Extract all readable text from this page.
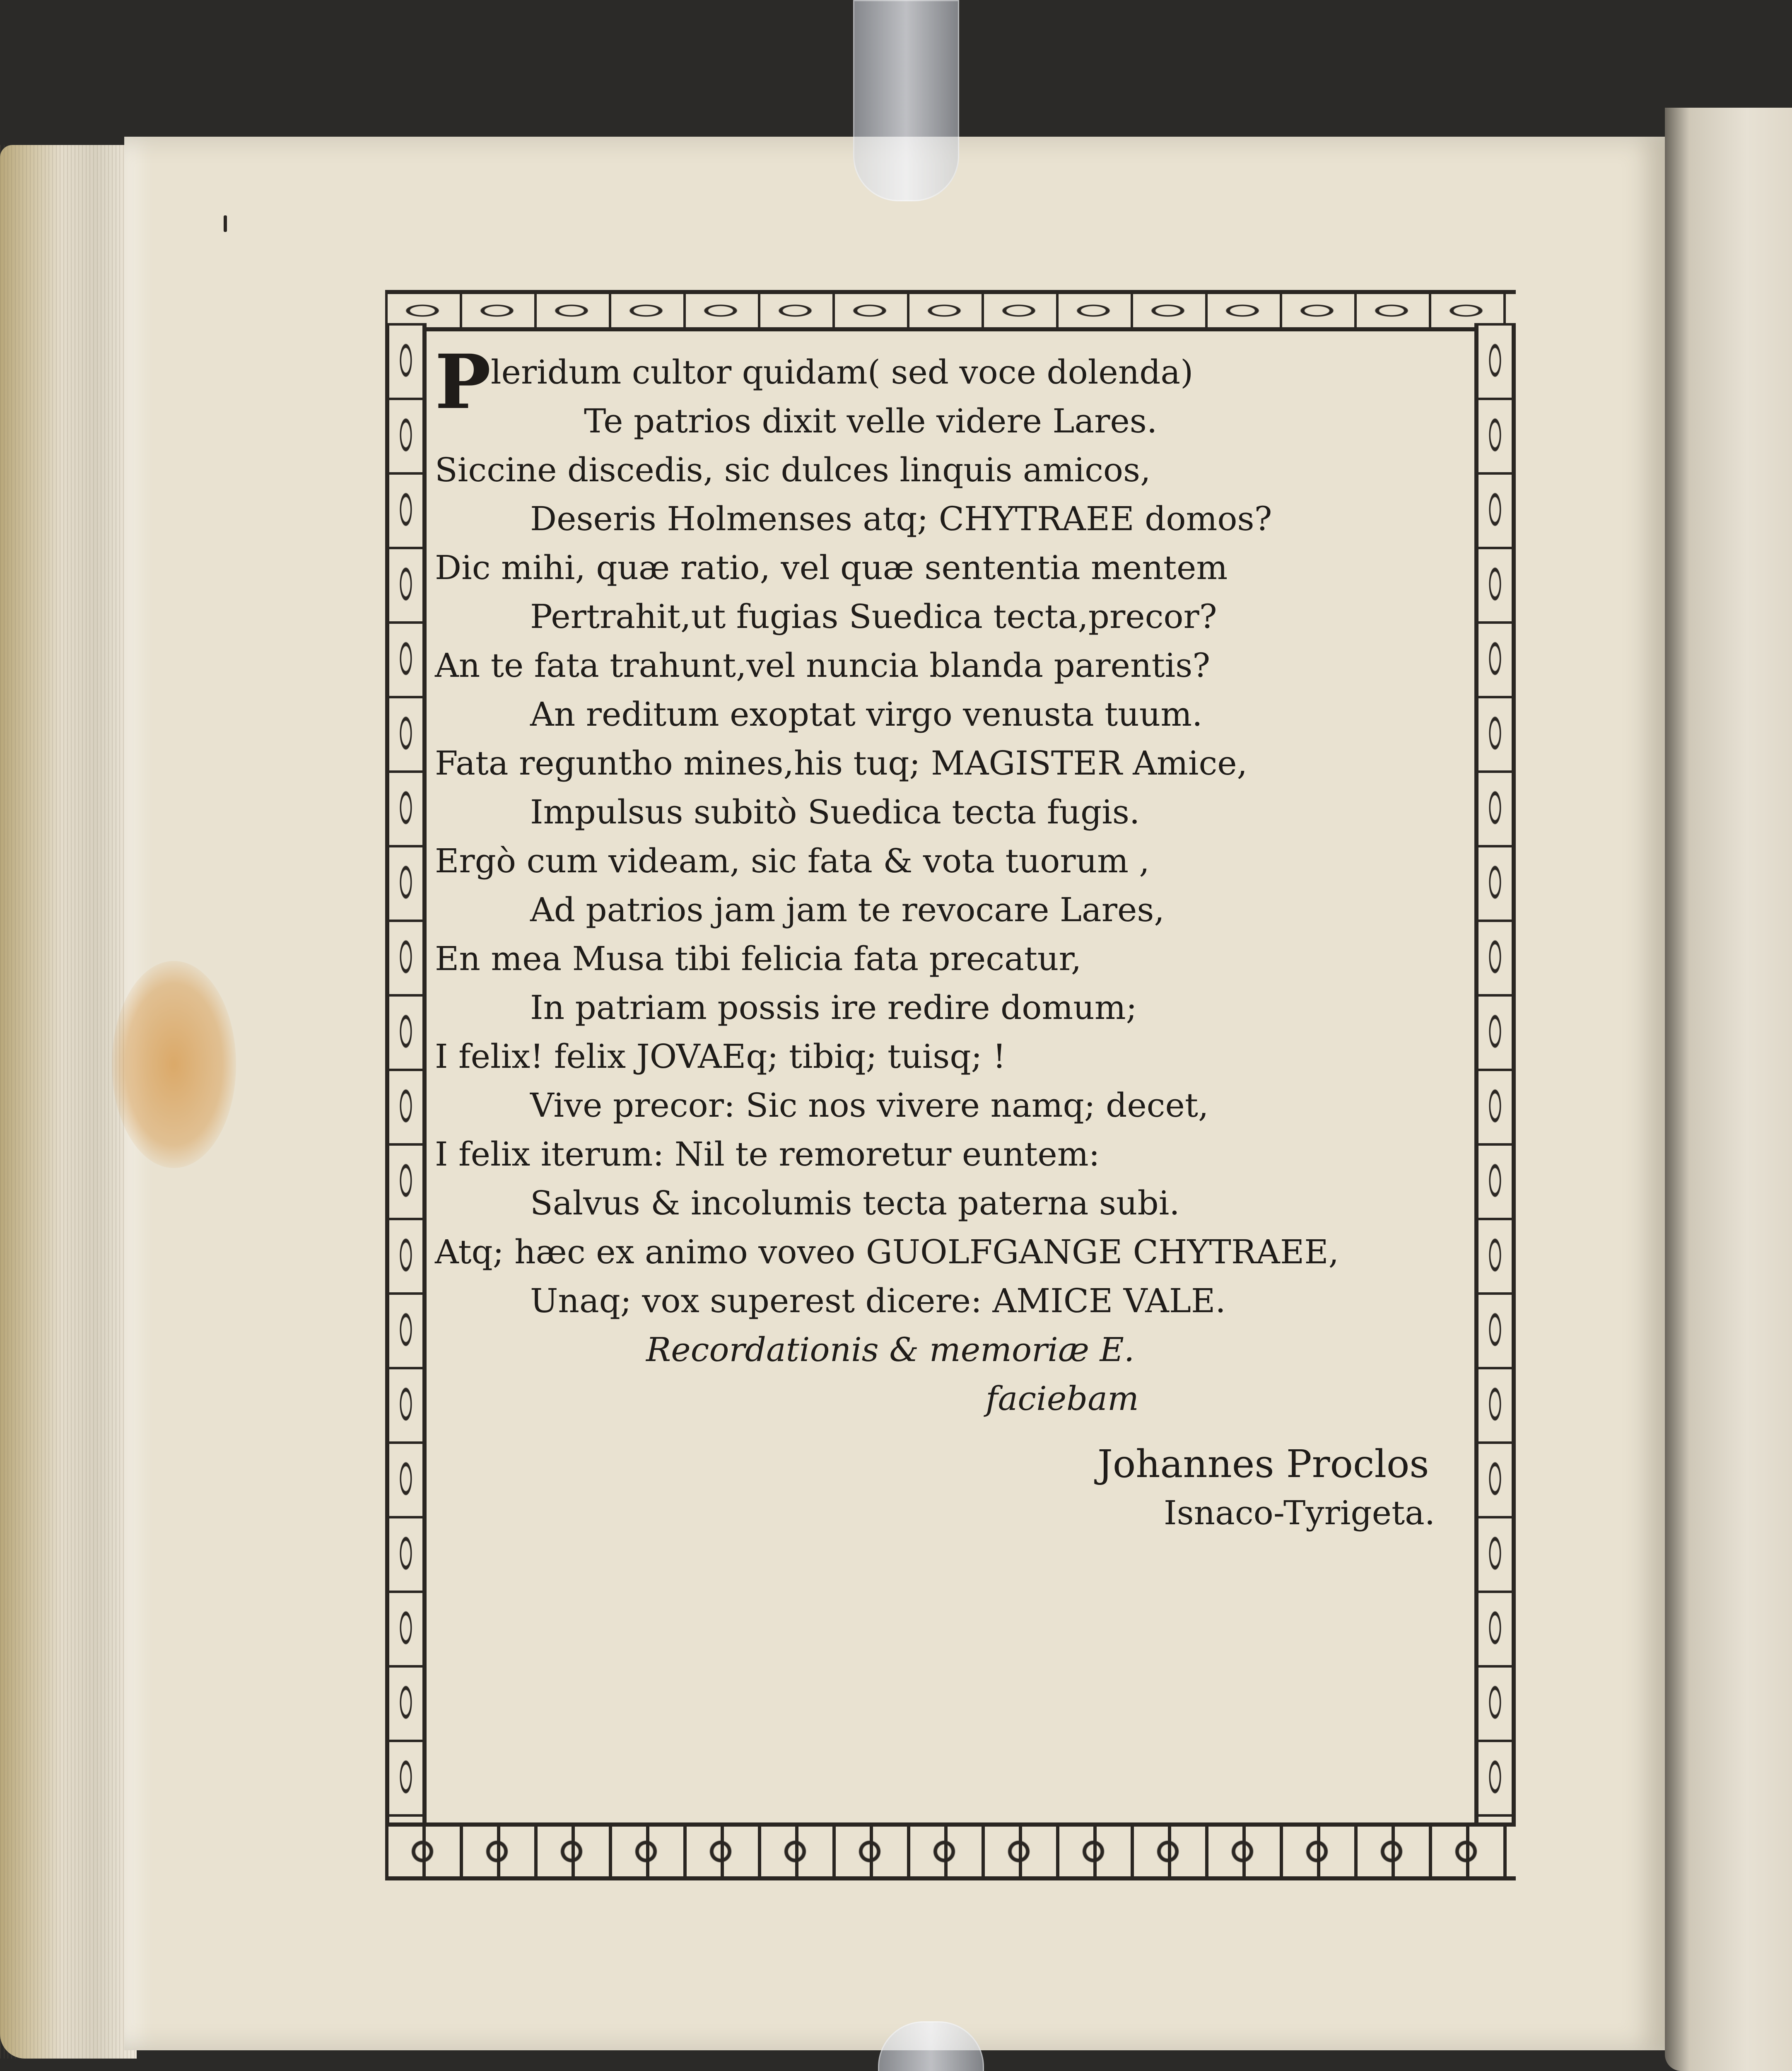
P leridum cultor quidam( sed voce dolenda)
Te patrios dixit velle videre Lares.
Siccine discedis, sic dulces linquis amicos,
Deseris Holmenses atq; CHYTRAEE domos?
Dic mihi, quæ ratio, vel quæ sententia mentem
Pertrahit,ut fugias Suedica tecta,precor?
An te fata trahunt,vel nuncia blanda parentis?
An reditum exoptat virgo venusta tuum.
Fata reguntho mines,his tuq; MAGISTER Amice,
Impulsus subitò Suedica tecta fugis.
Ergò cum videam, sic fata & vota tuorum ,
Ad patrios jam jam te revocare Lares,
En mea Musa tibi felicia fata precatur,
In patriam possis ire redire domum;
I felix! felix JOVAEq; tibiq; tuisq; !
Vive precor: Sic nos vivere namq; decet,
I felix iterum: Nil te remoretur euntem:
Salvus & incolumis tecta paterna subi.
Atq; hæc ex animo voveo GUOLFGANGE CHYTRAEE,
Unaq; vox superest dicere: AMICE VALE.
Recordationis & memoriæ E.
faciebam
Johannes Proclos
Isnaco-Tyrigeta.
